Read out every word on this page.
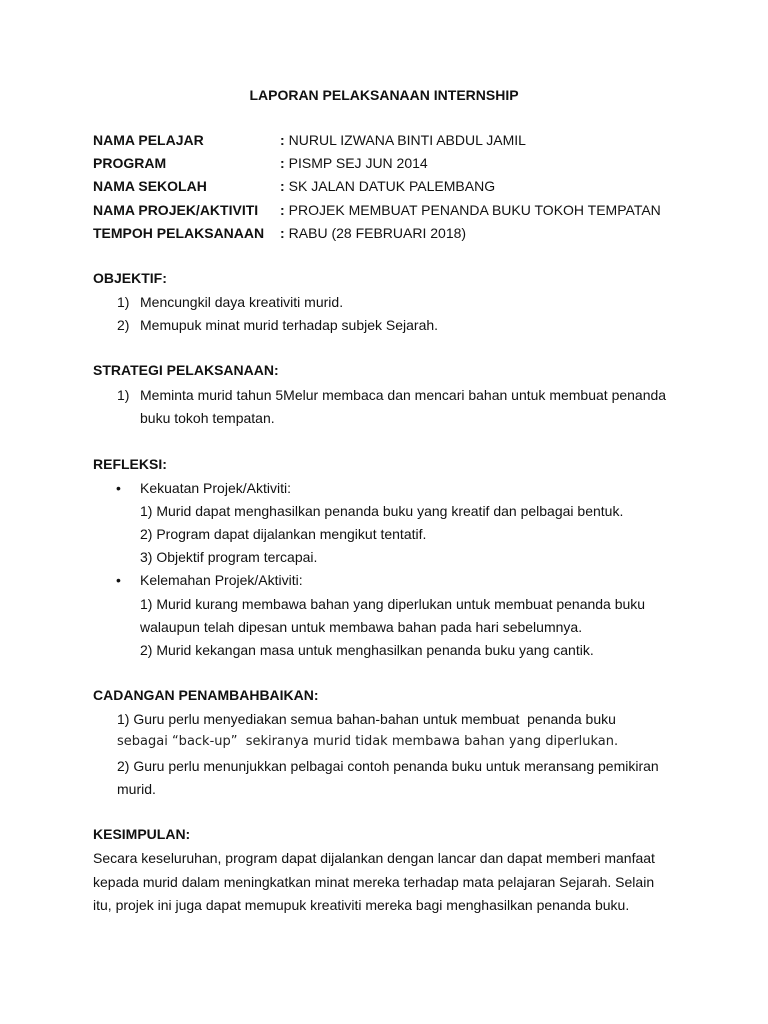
LAPORAN PELAKSANAAN INTERNSHIP
NAMA PELAJAR	: NURUL IZWANA BINTI ABDUL JAMIL
PROGRAM	: PISMP SEJ JUN 2014
NAMA SEKOLAH	: SK JALAN DATUK PALEMBANG
NAMA PROJEK/AKTIVITI : PROJEK MEMBUAT PENANDA BUKU TOKOH TEMPATAN
TEMPOH PELAKSANAAN : RABU (28 FEBRUARI 2018)
OBJEKTIF:
1) Mencungkil daya kreativiti murid.
2) Memupuk minat murid terhadap subjek Sejarah.
STRATEGI PELAKSANAAN:
1) Meminta murid tahun 5Melur membaca dan mencari bahan untuk membuat penanda
buku tokoh tempatan.
REFLEKSI:
• Kekuatan Projek/Aktiviti:
1) Murid dapat menghasilkan penanda buku yang kreatif dan pelbagai bentuk.
2) Program dapat dijalankan mengikut tentatif.
3) Objektif program tercapai.
• Kelemahan Projek/Aktiviti:
1) Murid kurang membawa bahan yang diperlukan untuk membuat penanda buku
walaupun telah dipesan untuk membawa bahan pada hari sebelumnya.
2) Murid kekangan masa untuk menghasilkan penanda buku yang cantik.
CADANGAN PENAMBAHBAIKAN:
1) Guru perlu menyediakan semua bahan-bahan untuk membuat  penanda buku
sebagai “back-up”  sekiranya murid tidak membawa bahan yang diperlukan.
2) Guru perlu menunjukkan pelbagai contoh penanda buku untuk meransang pemikiran
murid.
KESIMPULAN:
Secara keseluruhan, program dapat dijalankan dengan lancar dan dapat memberi manfaat
kepada murid dalam meningkatkan minat mereka terhadap mata pelajaran Sejarah. Selain
itu, projek ini juga dapat memupuk kreativiti mereka bagi menghasilkan penanda buku.
